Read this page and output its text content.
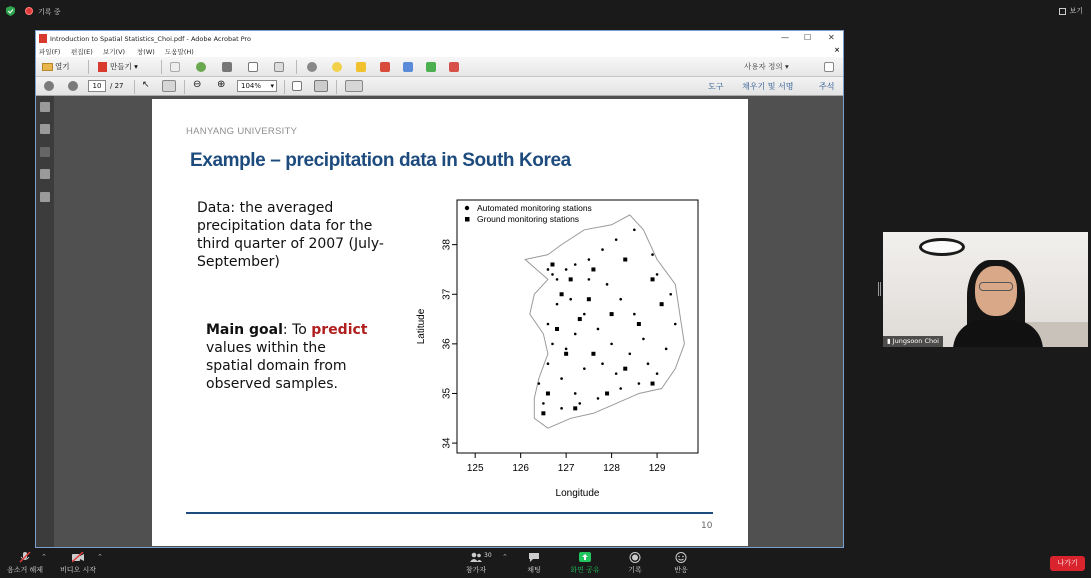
기록 중	보기
Introduction to Spatial Statistics_Choi.pdf - Adobe Acrobat Pro	— ☐ ✕
파일(F) 편집(E) 보기(V) 창(W) 도움말(H)	×
열기	만들기 ▾	사용자 정의 ▾
10	/ 27 ↖	⊖ ⊕	104% ▾	도구 채우기 및 서명	주석
HANYANG UNIVERSITY
Example – precipitation data in South Korea
Data: the averaged precipitation data for the third quarter of 2007 (July-September)
Main goal: To predict values within the spatial domain from observed samples.
125	126	127	128	129
34
35
36
37
38
Longitude
Latitude
Automated monitoring stations
Ground monitoring stations
10
▮ Jungsoon Choi
음소거 해제
⌃
비디오 시작
⌃
참가자
30 ⌃
채팅	화면 공유	기록	반응
나가기
